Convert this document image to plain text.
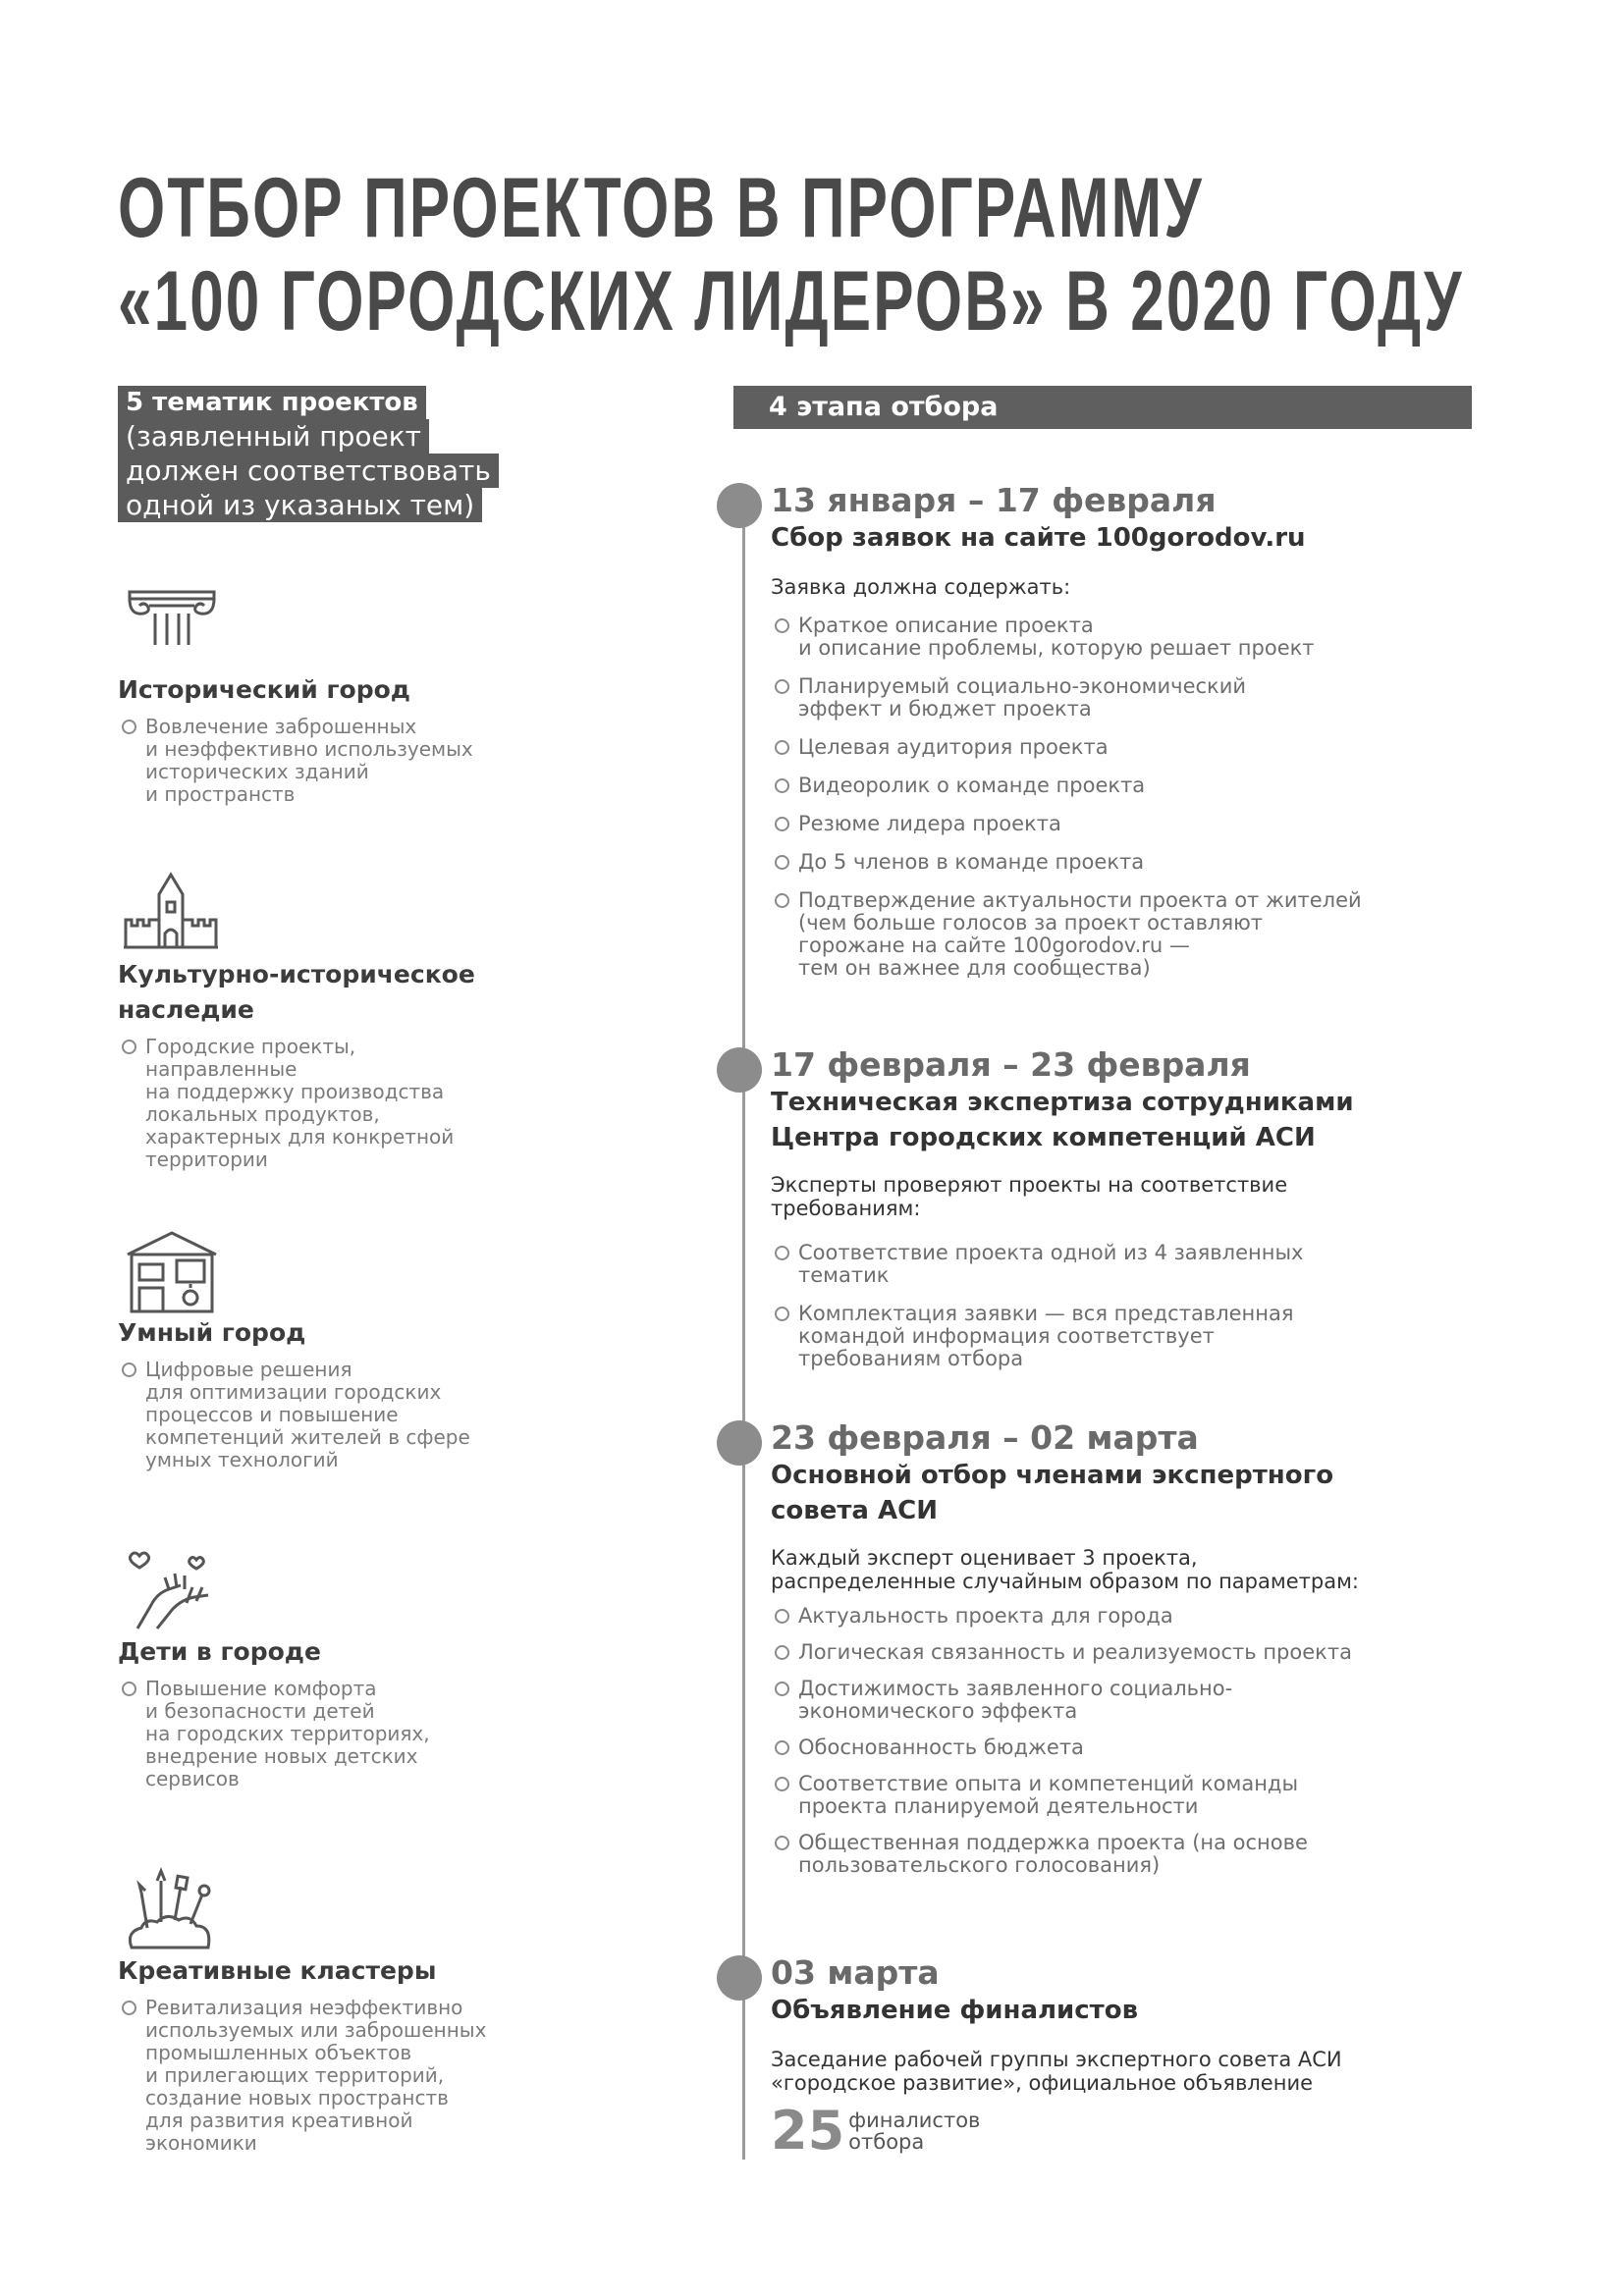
ОТБОР ПРОЕКТОВ В ПРОГРАММУ
«100 ГОРОДСКИХ ЛИДЕРОВ» В 2020 ГОДУ
5 тематик проектов
(заявленный проект
должен соответствовать
одной из указаных тем)
Исторический город
Вовлечение заброшенных
и неэффективно используемых
исторических зданий
и пространств
Культурно-историческое
наследие
Городские проекты,
направленные
на поддержку производства
локальных продуктов,
характерных для конкретной
территории
Умный город
Цифровые решения
для оптимизации городских
процессов и повышение
компетенций жителей в сфере
умных технологий
Дети в городе
Повышение комфорта
и безопасности детей
на городских территориях,
внедрение новых детских
сервисов
Креативные кластеры
Ревитализация неэффективно
используемых или заброшенных
промышленных объектов
и прилегающих территорий,
создание новых пространств
для развития креативной
экономики
4 этапа отбора
13 января – 17 февраля
Сбор заявок на сайте 100gorodov.ru
Заявка должна содержать:
Краткое описание проекта
и описание проблемы, которую решает проект
Планируемый социально-экономический
эффект и бюджет проекта
Целевая аудитория проекта
Видеоролик о команде проекта
Резюме лидера проекта
До 5 членов в команде проекта
Подтверждение актуальности проекта от жителей
(чем больше голосов за проект оставляют
горожане на сайте 100gorodov.ru —
тем он важнее для сообщества)
17 февраля – 23 февраля
Техническая экспертиза сотрудниками
Центра городских компетенций АСИ
Эксперты проверяют проекты на соответствие
требованиям:
Соответствие проекта одной из 4 заявленных
тематик
Комплектация заявки — вся представленная
командой информация соответствует
требованиям отбора
23 февраля – 02 марта
Основной отбор членами экспертного
совета АСИ
Каждый эксперт оценивает 3 проекта,
распределенные случайным образом по параметрам:
Актуальность проекта для города
Логическая связанность и реализуемость проекта
Достижимость заявленного социально-
экономического эффекта
Обоснованность бюджета
Соответствие опыта и компетенций команды
проекта планируемой деятельности
Общественная поддержка проекта (на основе
пользовательского голосования)
03 марта
Объявление финалистов
Заседание рабочей группы экспертного совета АСИ
«городское развитие», официальное объявление
25 финалистов
отбора
